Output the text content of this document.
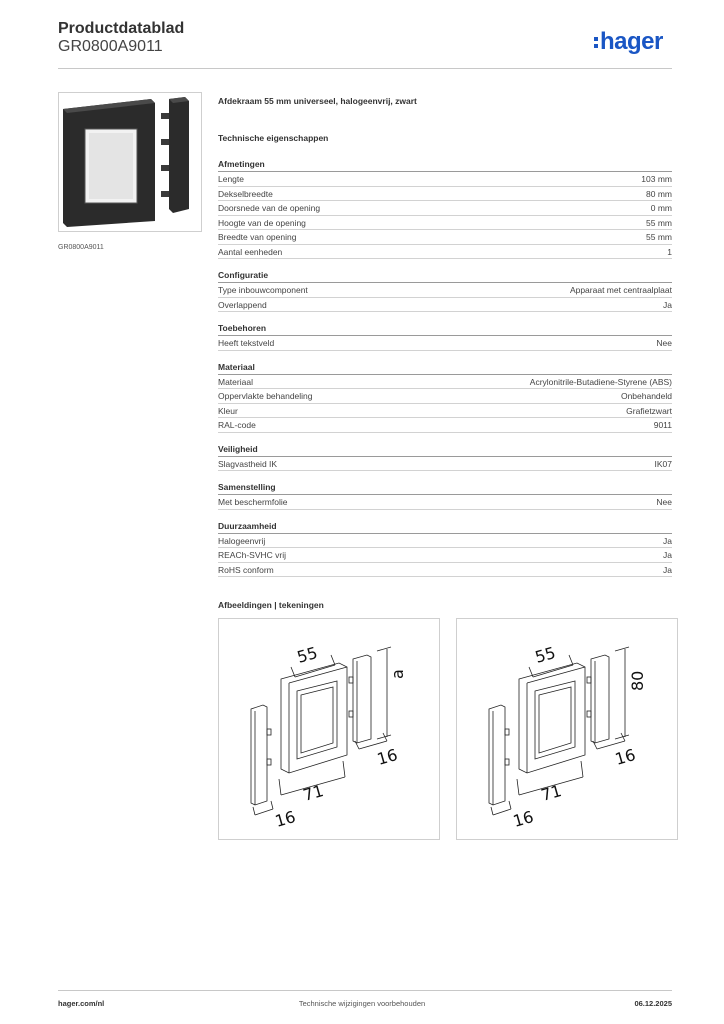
Productdatablad
GR0800A9011	hager
GR0800A9011
Afdekraam 55 mm universeel, halogeenvrij, zwart
Technische eigenschappen
Afmetingen
Lengte	103 mm
Dekselbreedte	80 mm
Doorsnede van de opening	0 mm
Hoogte van de opening	55 mm
Breedte van opening	55 mm
Aantal eenheden	1
Configuratie
Type inbouwcomponent	Apparaat met centraalplaat
Overlappend	Ja
Toebehoren
Heeft tekstveld	Nee
Materiaal
Materiaal	Acrylonitrile-Butadiene-Styrene (ABS)
Oppervlakte behandeling	Onbehandeld
Kleur	Grafietzwart
RAL-code	9011
Veiligheid
Slagvastheid IK	IK07
Samenstelling
Met beschermfolie	Nee
Duurzaamheid
Halogeenvrij	Ja
REACh-SVHC vrij	Ja
RoHS conform	Ja
Afbeeldingen | tekeningen
55
a
16
71
16
55
80
16
71
16
hager.com/nl	Technische wijzigingen voorbehouden	06.12.2025
